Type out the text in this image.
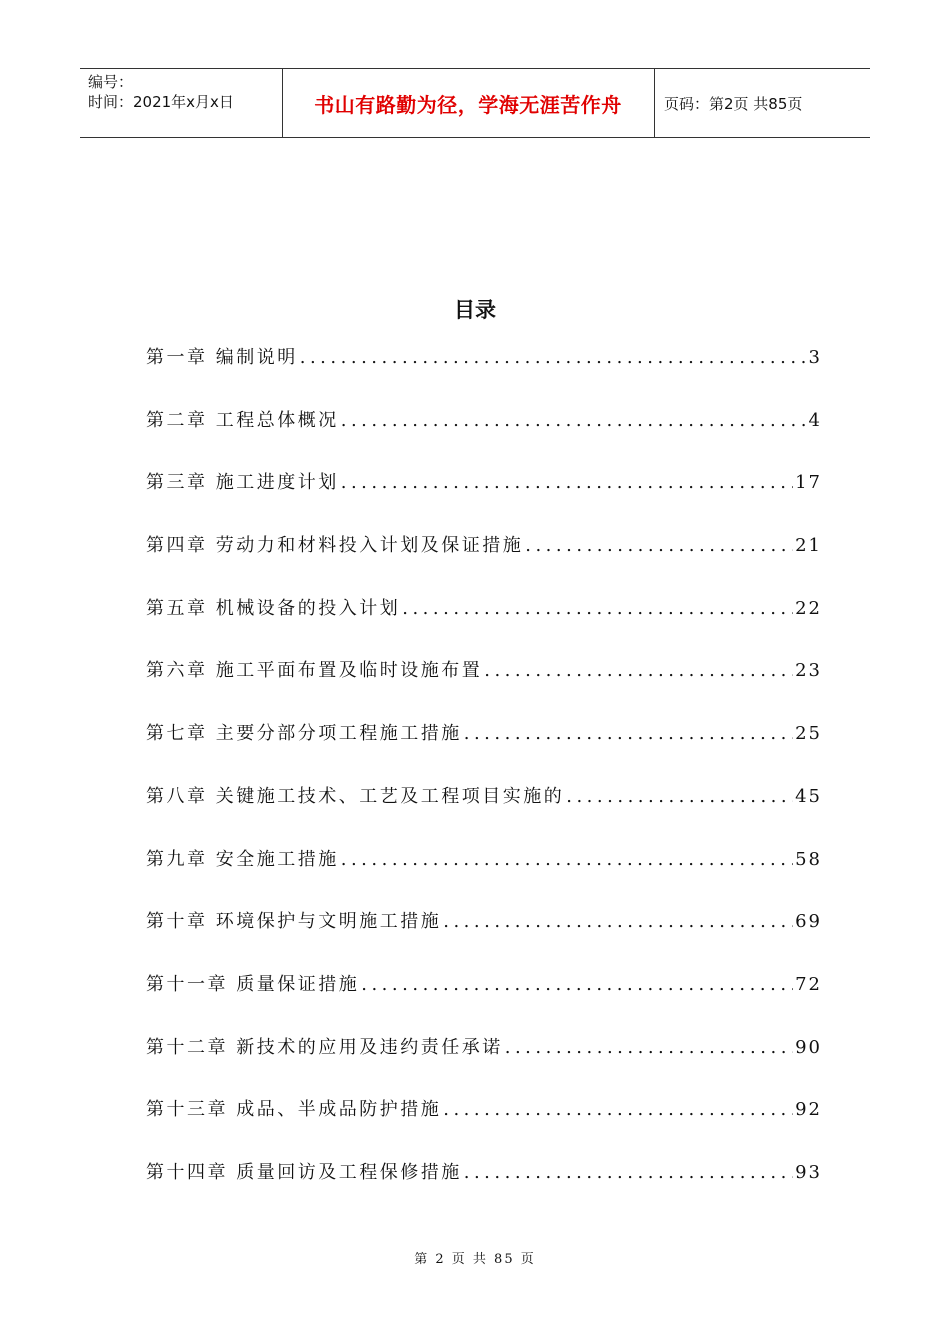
编号：
时间：2021年x月x日	书山有路勤为径，学海无涯苦作舟	页码：第2页 共85页
目录
第一章 编制说明 .....	3
第二章 工程总体概况 .....	4
第三章 施工进度计划 .....	17
第四章 劳动力和材料投入计划及保证措施 .....	21
第五章 机械设备的投入计划 .....	22
第六章 施工平面布置及临时设施布置 .....	23
第七章 主要分部分项工程施工措施 .....	25
第八章 关键施工技术、工艺及工程项目实施的 .....	45
第九章 安全施工措施 .....	58
第十章 环境保护与文明施工措施 .....	69
第十一章 质量保证措施 .....	72
第十二章 新技术的应用及违约责任承诺 .....	90
第十三章 成品、半成品防护措施 .....	92
第十四章 质量回访及工程保修措施 .....	93
第 2 页 共 85 页
